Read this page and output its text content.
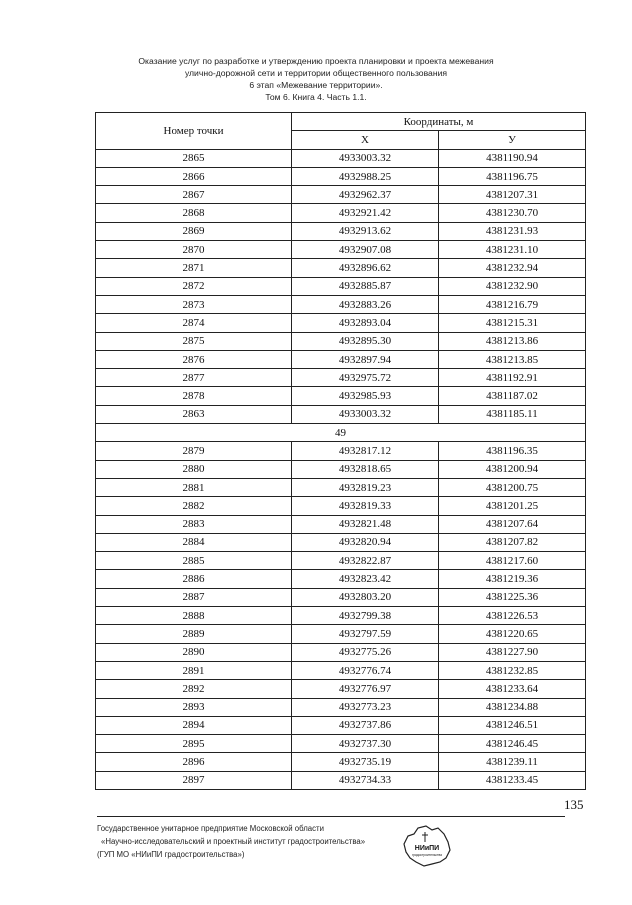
Оказание услуг по разработке и утверждению проекта планировки и проекта межевания
улично-дорожной сети и территории общественного пользования
6 этап «Межевание территории».
Том 6. Книга 4. Часть 1.1.
Номер точки	Координаты, м	
	X	У
2865	4933003.32	4381190.94
2866	4932988.25	4381196.75
2867	4932962.37	4381207.31
2868	4932921.42	4381230.70
2869	4932913.62	4381231.93
2870	4932907.08	4381231.10
2871	4932896.62	4381232.94
2872	4932885.87	4381232.90
2873	4932883.26	4381216.79
2874	4932893.04	4381215.31
2875	4932895.30	4381213.86
2876	4932897.94	4381213.85
2877	4932975.72	4381192.91
2878	4932985.93	4381187.02
2863	4933003.32	4381185.11
49		
2879	4932817.12	4381196.35
2880	4932818.65	4381200.94
2881	4932819.23	4381200.75
2882	4932819.33	4381201.25
2883	4932821.48	4381207.64
2884	4932820.94	4381207.82
2885	4932822.87	4381217.60
2886	4932823.42	4381219.36
2887	4932803.20	4381225.36
2888	4932799.38	4381226.53
2889	4932797.59	4381220.65
2890	4932775.26	4381227.90
2891	4932776.74	4381232.85
2892	4932776.97	4381233.64
2893	4932773.23	4381234.88
2894	4932737.86	4381246.51
2895	4932737.30	4381246.45
2896	4932735.19	4381239.11
2897	4932734.33	4381233.45
135
Государственное унитарное предприятие Московской области
«Научно-исследовательский и проектный институт градостроительства»
(ГУП МО «НИиПИ градостроительства»)
НИиПИ
градостроительства
